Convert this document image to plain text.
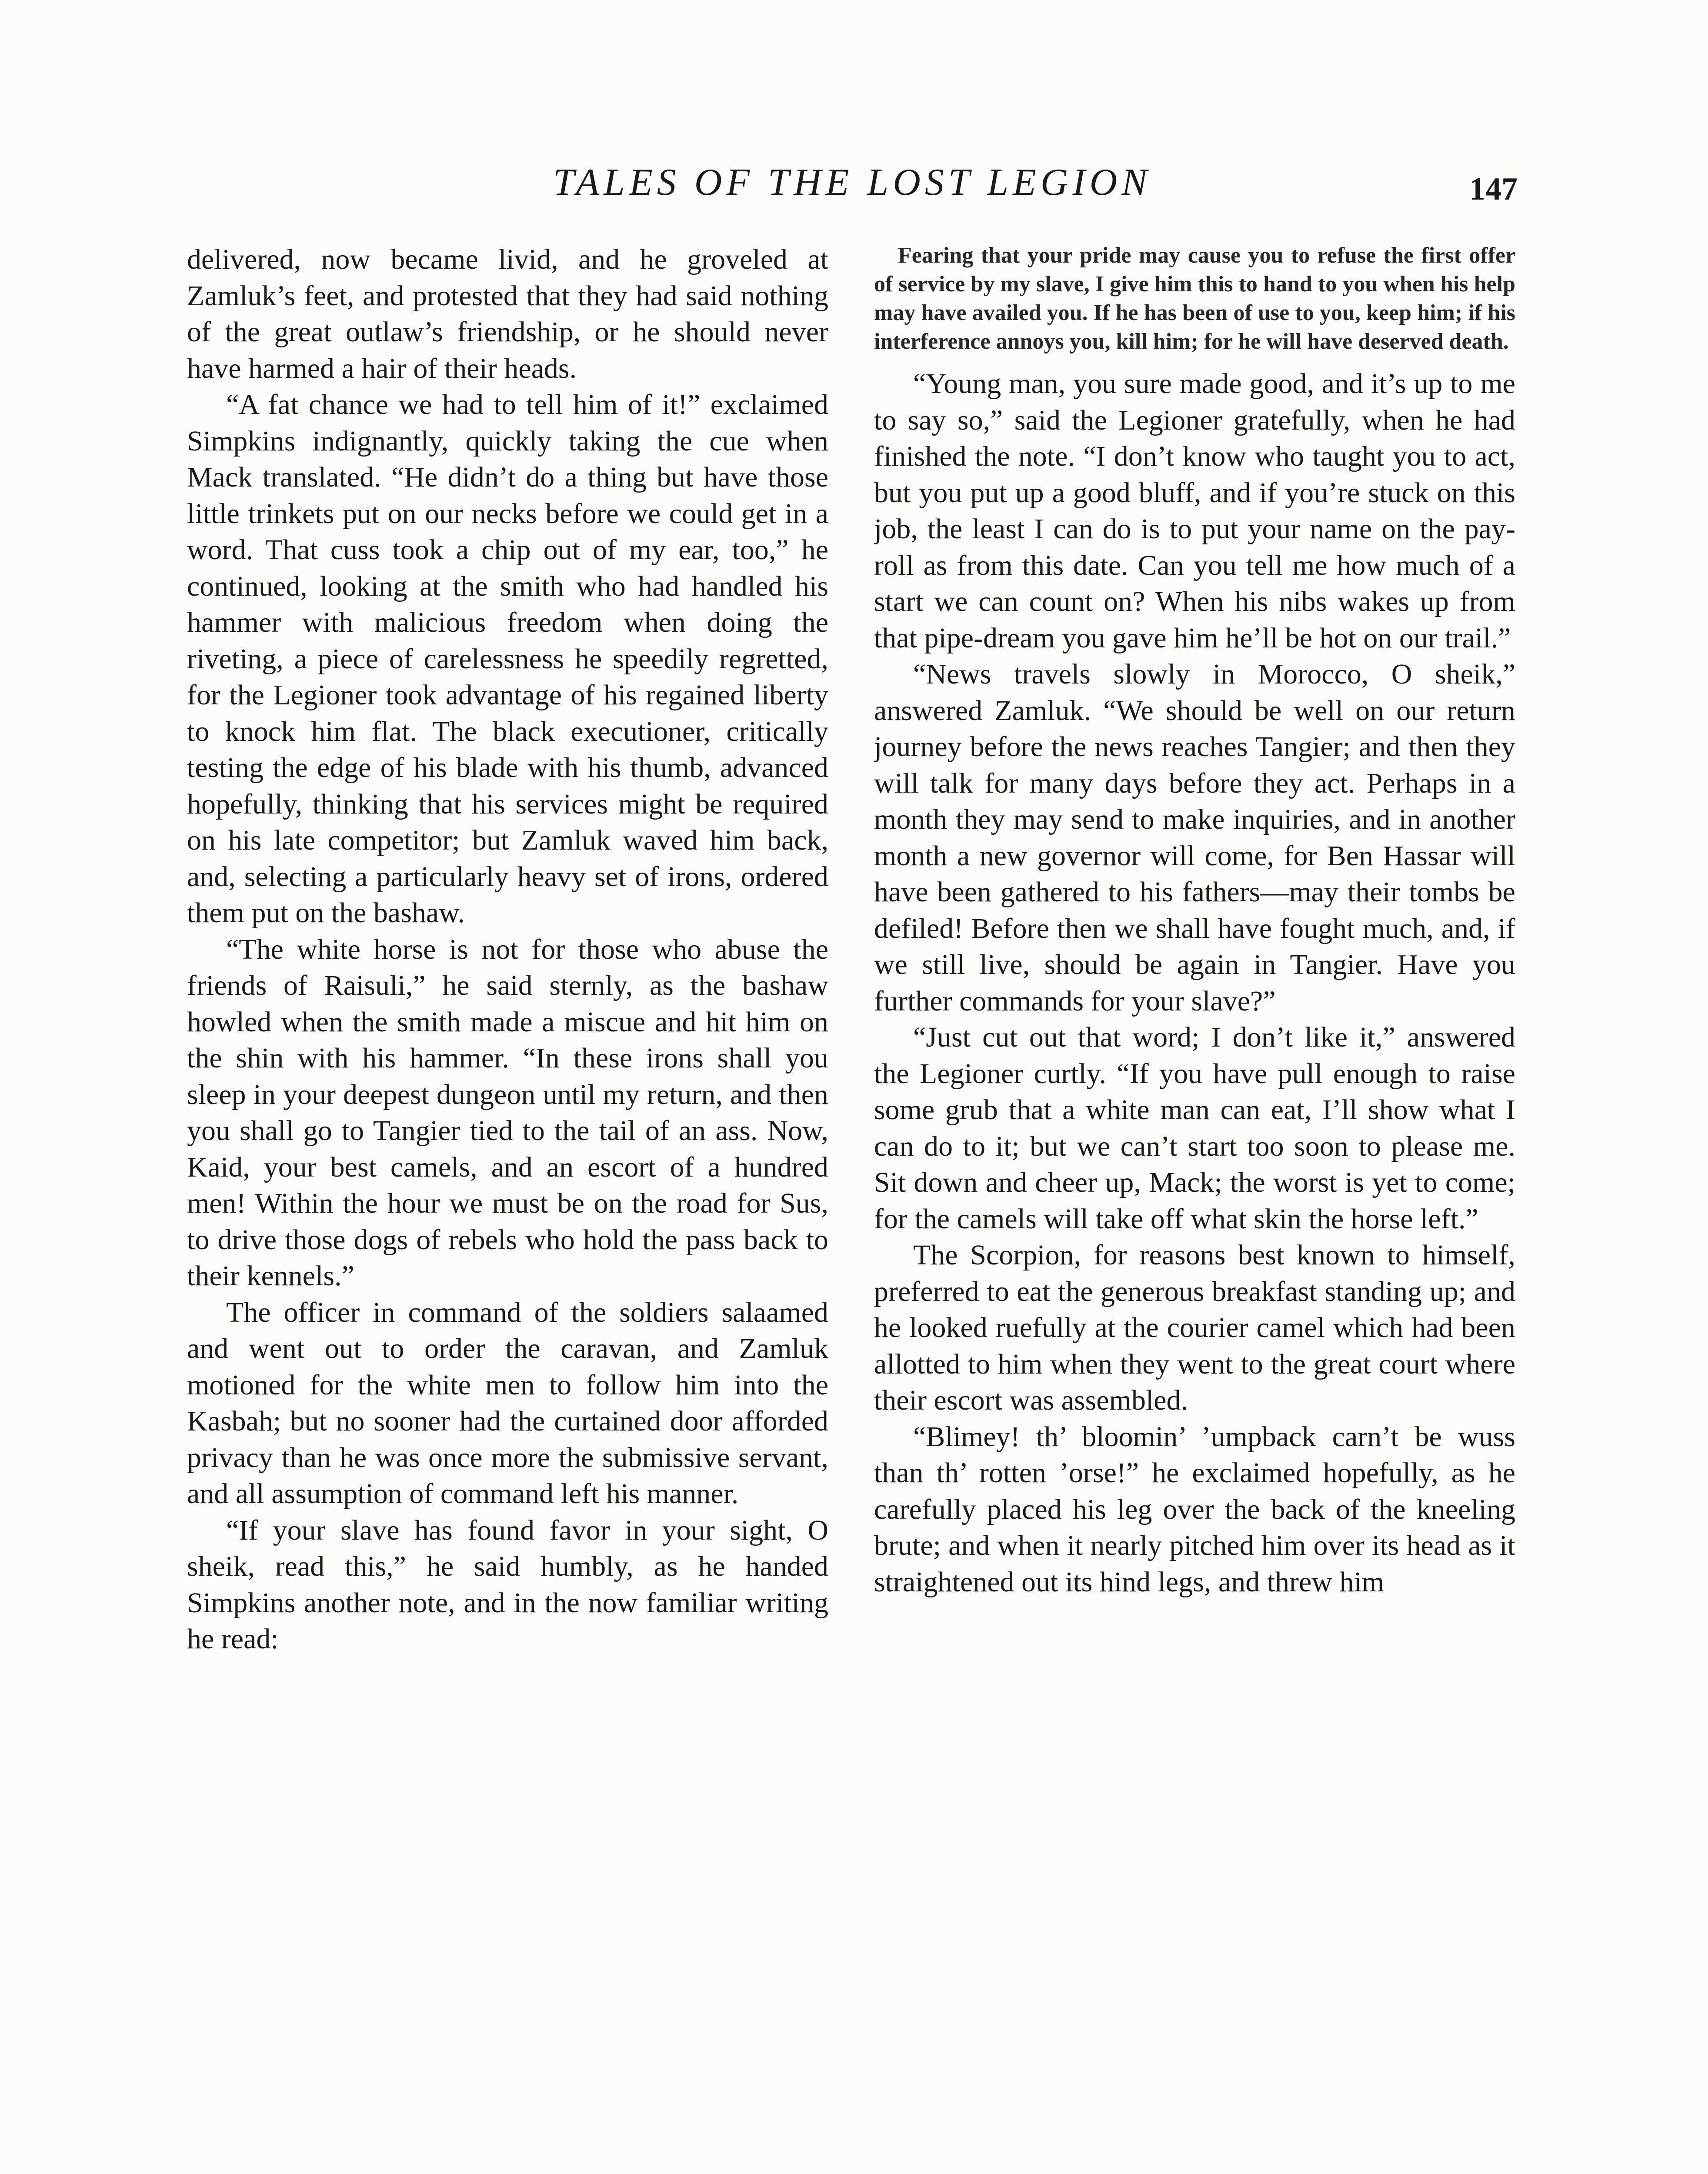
TALES OF THE LOST LEGION	147

delivered, now became livid, and he groveled at Zamluk’s feet, and protested that they had said nothing of the great outlaw’s friendship, or he should never have harmed a hair of their heads.

“A fat chance we had to tell him of it!” exclaimed Simpkins indignantly, quickly taking the cue when Mack translated. “He didn’t do a thing but have those little trinkets put on our necks before we could get in a word. That cuss took a chip out of my ear, too,” he continued, looking at the smith who had handled his hammer with malicious freedom when doing the riveting, a piece of carelessness he speedily regretted, for the Legioner took advantage of his regained liberty to knock him flat. The black executioner, critically testing the edge of his blade with his thumb, advanced hopefully, thinking that his services might be required on his late competitor; but Zamluk waved him back, and, selecting a particularly heavy set of irons, ordered them put on the bashaw.

“The white horse is not for those who abuse the friends of Raisuli,” he said sternly, as the bashaw howled when the smith made a miscue and hit him on the shin with his hammer. “In these irons shall you sleep in your deepest dungeon until my return, and then you shall go to Tangier tied to the tail of an ass. Now, Kaid, your best camels, and an escort of a hundred men! Within the hour we must be on the road for Sus, to drive those dogs of rebels who hold the pass back to their kennels.”

The officer in command of the soldiers salaamed and went out to order the caravan, and Zamluk motioned for the white men to follow him into the Kasbah; but no sooner had the curtained door afforded privacy than he was once more the submissive servant, and all assumption of command left his manner.

“If your slave has found favor in your sight, O sheik, read this,” he said humbly, as he handed Simpkins another note, and in the now familiar writing he read:

Fearing that your pride may cause you to refuse the first offer of service by my slave, I give him this to hand to you when his help may have availed you. If he has been of use to you, keep him; if his interference annoys you, kill him; for he will have deserved death.

“Young man, you sure made good, and it’s up to me to say so,” said the Legioner gratefully, when he had finished the note. “I don’t know who taught you to act, but you put up a good bluff, and if you’re stuck on this job, the least I can do is to put your name on the pay-roll as from this date. Can you tell me how much of a start we can count on? When his nibs wakes up from that pipe-dream you gave him he’ll be hot on our trail.”

“News travels slowly in Morocco, O sheik,” answered Zamluk. “We should be well on our return journey before the news reaches Tangier; and then they will talk for many days before they act. Perhaps in a month they may send to make inquiries, and in another month a new governor will come, for Ben Hassar will have been gathered to his fathers—may their tombs be defiled! Before then we shall have fought much, and, if we still live, should be again in Tangier. Have you further commands for your slave?”

“Just cut out that word; I don’t like it,” answered the Legioner curtly. “If you have pull enough to raise some grub that a white man can eat, I’ll show what I can do to it; but we can’t start too soon to please me. Sit down and cheer up, Mack; the worst is yet to come; for the camels will take off what skin the horse left.”

The Scorpion, for reasons best known to himself, preferred to eat the generous breakfast standing up; and he looked ruefully at the courier camel which had been allotted to him when they went to the great court where their escort was assembled.

“Blimey! th’ bloomin’ ’umpback carn’t be wuss than th’ rotten ’orse!” he exclaimed hopefully, as he carefully placed his leg over the back of the kneeling brute; and when it nearly pitched him over its head as it straightened out its hind legs, and threw him
